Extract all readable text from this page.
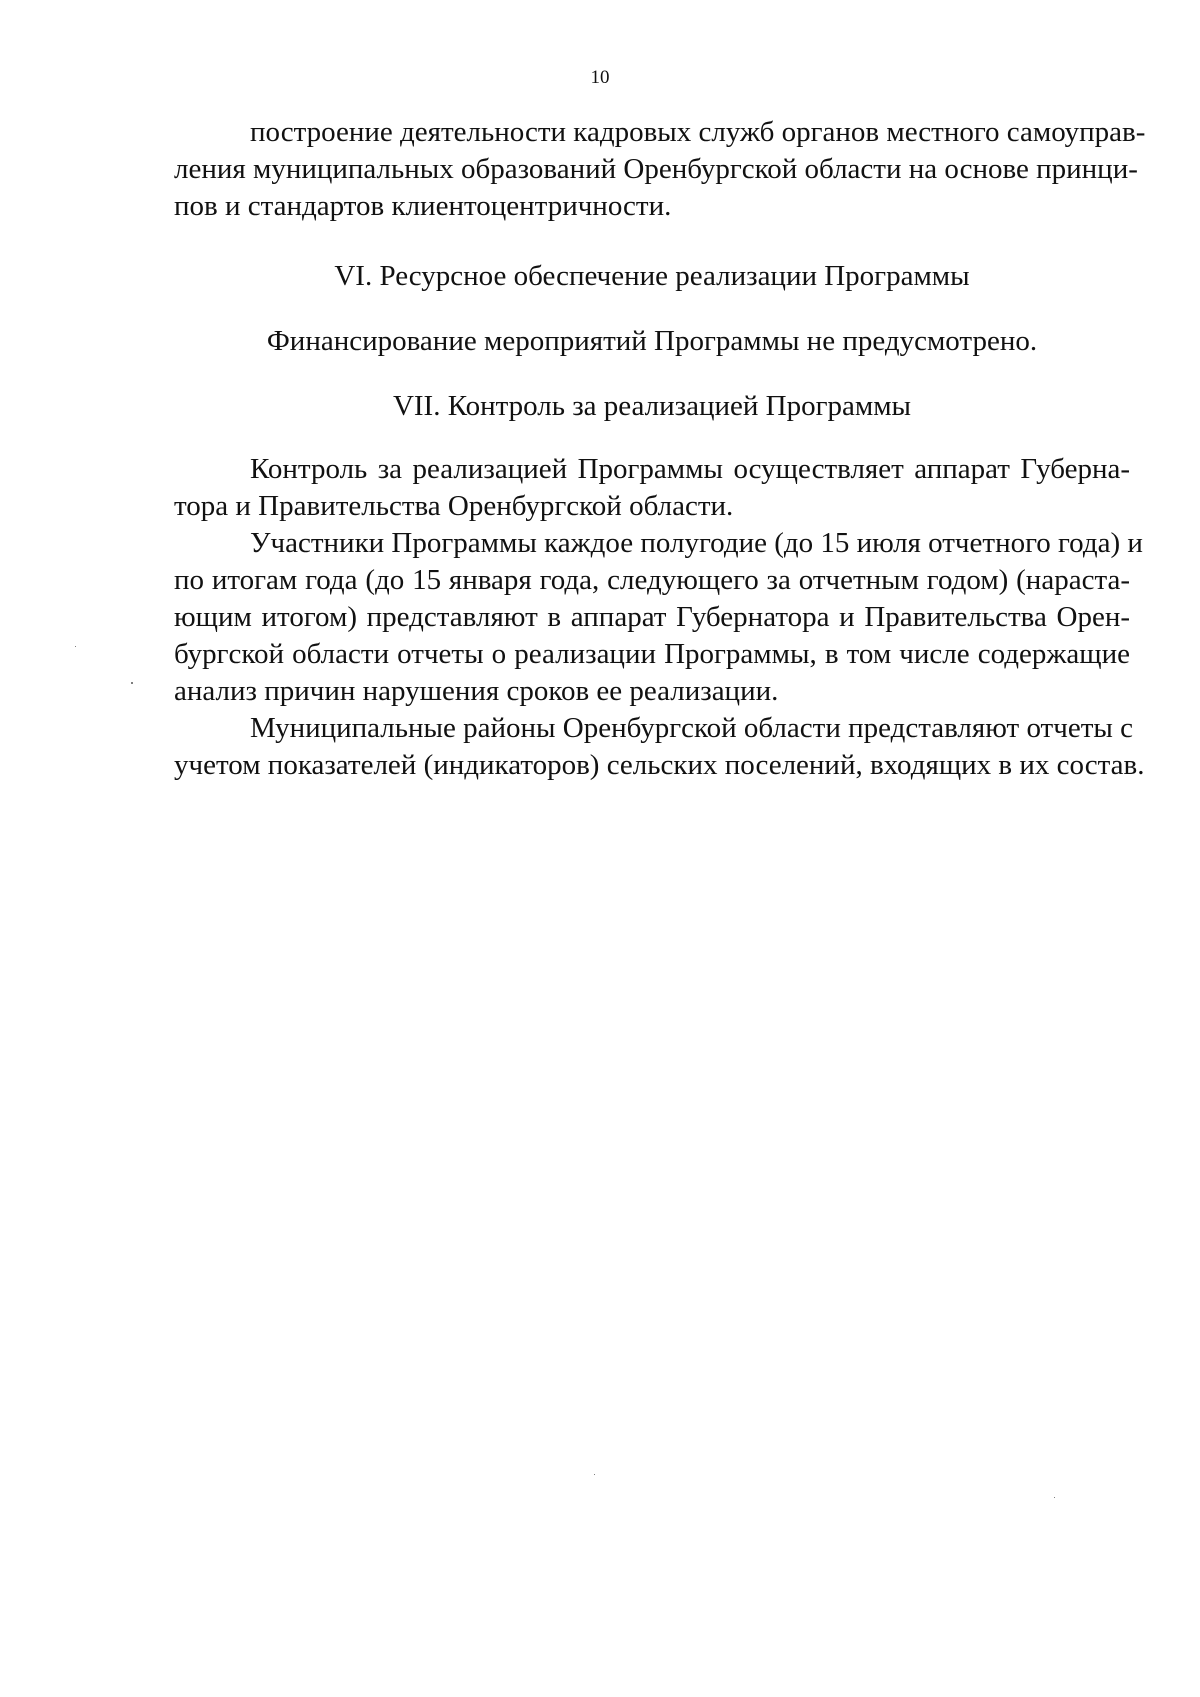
10
построение деятельности кадровых служб органов местного самоуправ-
ления муниципальных образований Оренбургской области на основе принци-
пов и стандартов клиентоцентричности.

VI. Ресурсное обеспечение реализации Программы

Финансирование мероприятий Программы не предусмотрено.

VII. Контроль за реализацией Программы

Контроль за реализацией Программы осуществляет аппарат Губерна-
тора и Правительства Оренбургской области.
Участники Программы каждое полугодие (до 15 июля отчетного года) и
по итогам года (до 15 января года, следующего за отчетным годом) (нараста-
ющим итогом) представляют в аппарат Губернатора и Правительства Орен-
бургской области отчеты о реализации Программы, в том числе содержащие
анализ причин нарушения сроков ее реализации.
Муниципальные районы Оренбургской области представляют отчеты с
учетом показателей (индикаторов) сельских поселений, входящих в их состав.
